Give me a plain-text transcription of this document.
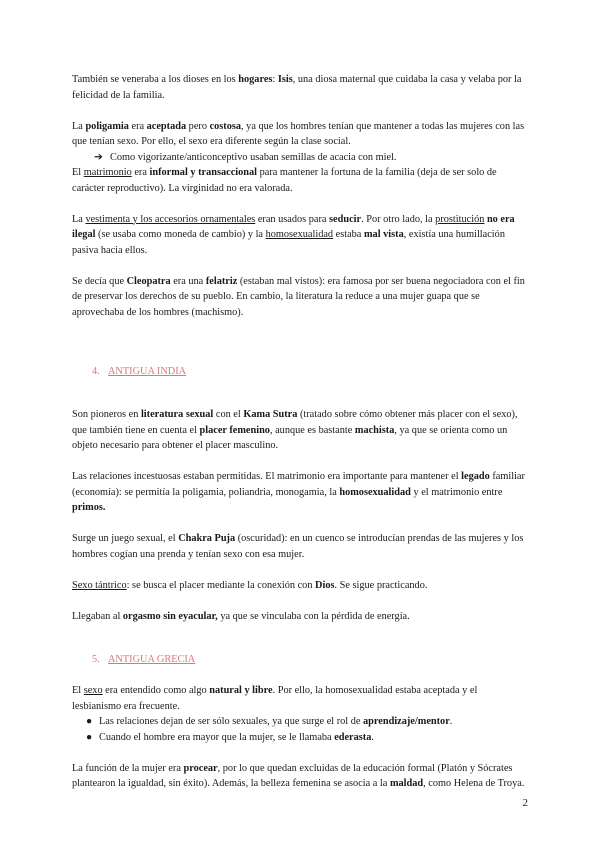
También se veneraba a los dioses en los hogares: Isis, una diosa maternal que cuidaba la casa y velaba por la felicidad de la familia.

La poligamia era aceptada pero costosa, ya que los hombres tenían que mantener a todas las mujeres con las que tenían sexo. Por ello, el sexo era diferente según la clase social.

➔ Como vigorizante/anticonceptivo usaban semillas de acacia con miel.

El matrimonio era informal y transaccional para mantener la fortuna de la familia (deja de ser solo de carácter reproductivo). La virginidad no era valorada.

La vestimenta y los accesorios ornamentales eran usados para seducir. Por otro lado, la prostitución no era ilegal (se usaba como moneda de cambio) y la homosexualidad estaba mal vista, existía una humillación pasiva hacia ellos.

Se decía que Cleopatra era una felatriz (estaban mal vistos): era famosa por ser buena negociadora con el fin de preservar los derechos de su pueblo. En cambio, la literatura la reduce a una mujer guapa que se aprovechaba de los hombres (machismo).

4. ANTIGUA INDIA

Son pioneros en literatura sexual con el Kama Sutra (tratado sobre cómo obtener más placer con el sexo), que también tiene en cuenta el placer femenino, aunque es bastante machista, ya que se orienta como un objeto necesario para obtener el placer masculino.

Las relaciones incestuosas estaban permitidas. El matrimonio era importante para mantener el legado familiar (economía): se permitía la poligamia, poliandria, monogamia, la homosexualidad y el matrimonio entre primos.

Surge un juego sexual, el Chakra Puja (oscuridad): en un cuenco se introducían prendas de las mujeres y los hombres cogían una prenda y tenían sexo con esa mujer.

Sexo tántrico: se busca el placer mediante la conexión con Dios. Se sigue practicando.

Llegaban al orgasmo sin eyacular, ya que se vinculaba con la pérdida de energía.

5. ANTIGUA GRECIA

El sexo era entendido como algo natural y libre. Por ello, la homosexualidad estaba aceptada y el lesbianismo era frecuente.

● Las relaciones dejan de ser sólo sexuales, ya que surge el rol de aprendizaje/mentor.

● Cuando el hombre era mayor que la mujer, se le llamaba ederasta.

La función de la mujer era procear, por lo que quedan excluidas de la educación formal (Platón y Sócrates plantearon la igualdad, sin éxito). Además, la belleza femenina se asocia a la maldad, como Helena de Troya.

2
